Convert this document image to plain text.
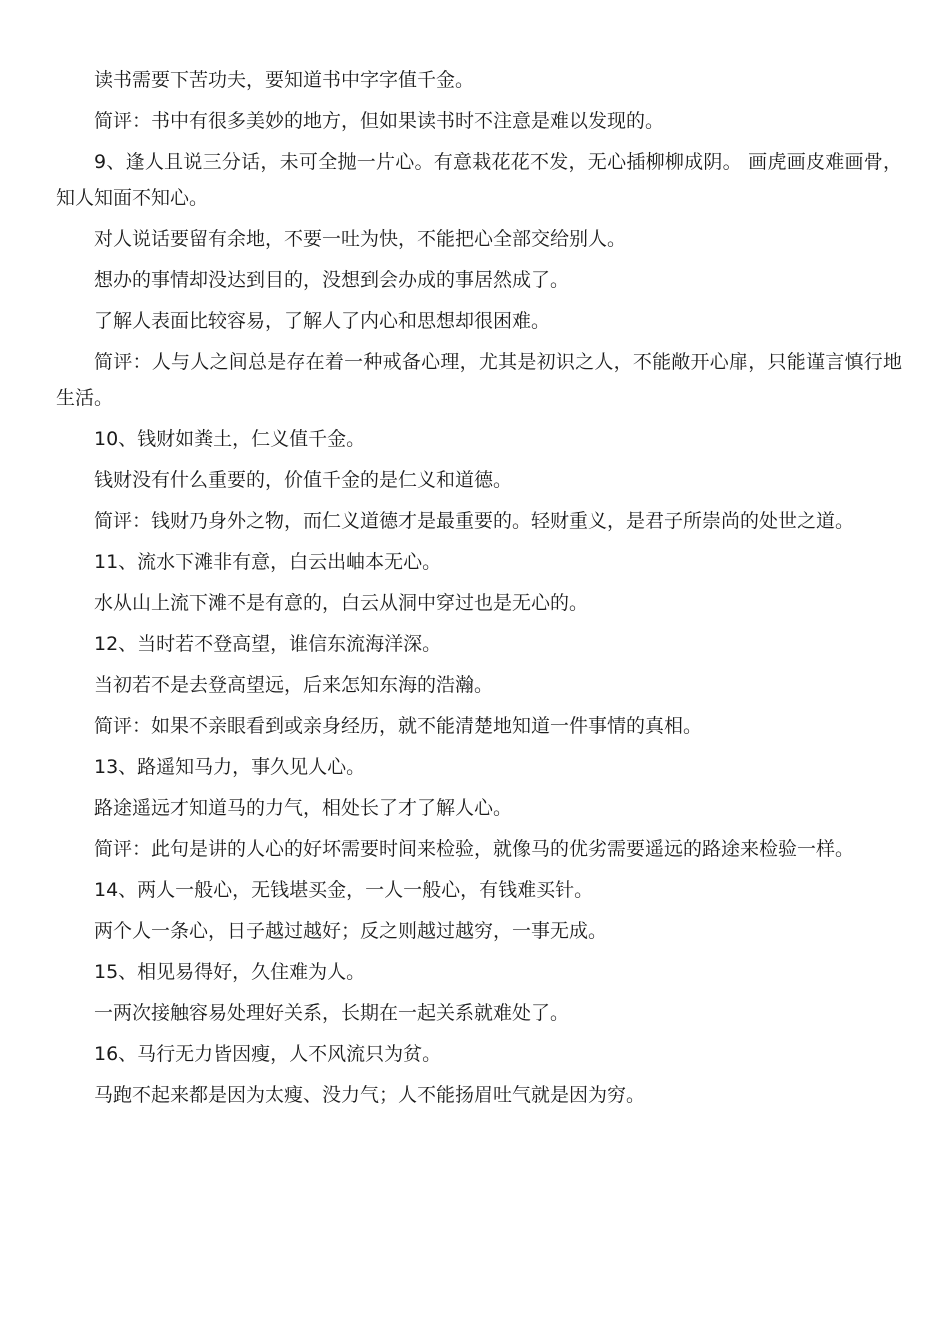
读书需要下苦功夫，要知道书中字字值千金。

简评：书中有很多美妙的地方，但如果读书时不注意是难以发现的。

9、逢人且说三分话，未可全抛一片心。有意栽花花不发，无心插柳柳成阴。 画虎画皮难画骨，知人知面不知心。

对人说话要留有余地，不要一吐为快，不能把心全部交给别人。

想办的事情却没达到目的，没想到会办成的事居然成了。

了解人表面比较容易，了解人了内心和思想却很困难。

简评：人与人之间总是存在着一种戒备心理，尤其是初识之人，不能敞开心扉，只能谨言慎行地生活。

10、钱财如粪土，仁义值千金。

钱财没有什么重要的，价值千金的是仁义和道德。

简评：钱财乃身外之物，而仁义道德才是最重要的。轻财重义，是君子所崇尚的处世之道。

11、流水下滩非有意，白云出岫本无心。

水从山上流下滩不是有意的，白云从洞中穿过也是无心的。

12、当时若不登高望，谁信东流海洋深。

当初若不是去登高望远，后来怎知东海的浩瀚。

简评：如果不亲眼看到或亲身经历，就不能清楚地知道一件事情的真相。

13、路遥知马力，事久见人心。

路途遥远才知道马的力气，相处长了才了解人心。

简评：此句是讲的人心的好坏需要时间来检验，就像马的优劣需要遥远的路途来检验一样。

14、两人一般心，无钱堪买金，一人一般心，有钱难买针。

两个人一条心，日子越过越好；反之则越过越穷，一事无成。

15、相见易得好，久住难为人。

一两次接触容易处理好关系，长期在一起关系就难处了。

16、马行无力皆因瘦，人不风流只为贫。

马跑不起来都是因为太瘦、没力气；人不能扬眉吐气就是因为穷。
